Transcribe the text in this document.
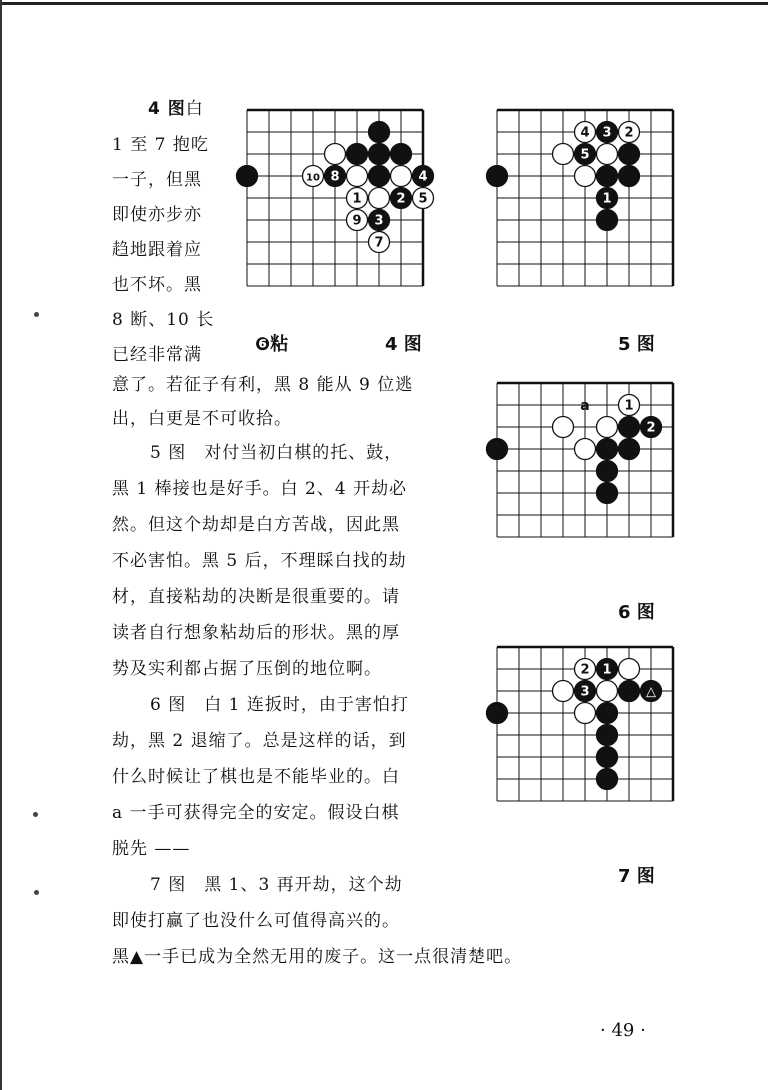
4 图白
1 至 7 抱吃
一子，但黑
即使亦步亦
趋地跟着应
也不坏。黑
8 断、10 长
已经非常满
意了。若征子有利，黑 8 能从 9 位逃
出，白更是不可收拾。
5 图　对付当初白棋的托、鼓，
黑 1 棒接也是好手。白 2、4 开劫必
然。但这个劫却是白方苦战，因此黑
不必害怕。黑 5 后，不理睬白找的劫
材，直接粘劫的决断是很重要的。请
读者自行想象粘劫后的形状。黑的厚
势及实利都占据了压倒的地位啊。
6 图　白 1 连扳时，由于害怕打
劫，黑 2 退缩了。总是这样的话，到
什么时候让了棋也是不能毕业的。白
a 一手可获得完全的安定。假设白棋
脱先 ——
7 图　黑 1、3 再开劫，这个劫
即使打赢了也没什么可值得高兴的。
黑▲一手已成为全然无用的废子。这一点很清楚吧。
10 8	4
1	2 5
9 3
7
4 3 2
5
1
1
2
a
2 1
3	△
❻粘	4 图	5 图
6 图
7 图
· 49 ·
